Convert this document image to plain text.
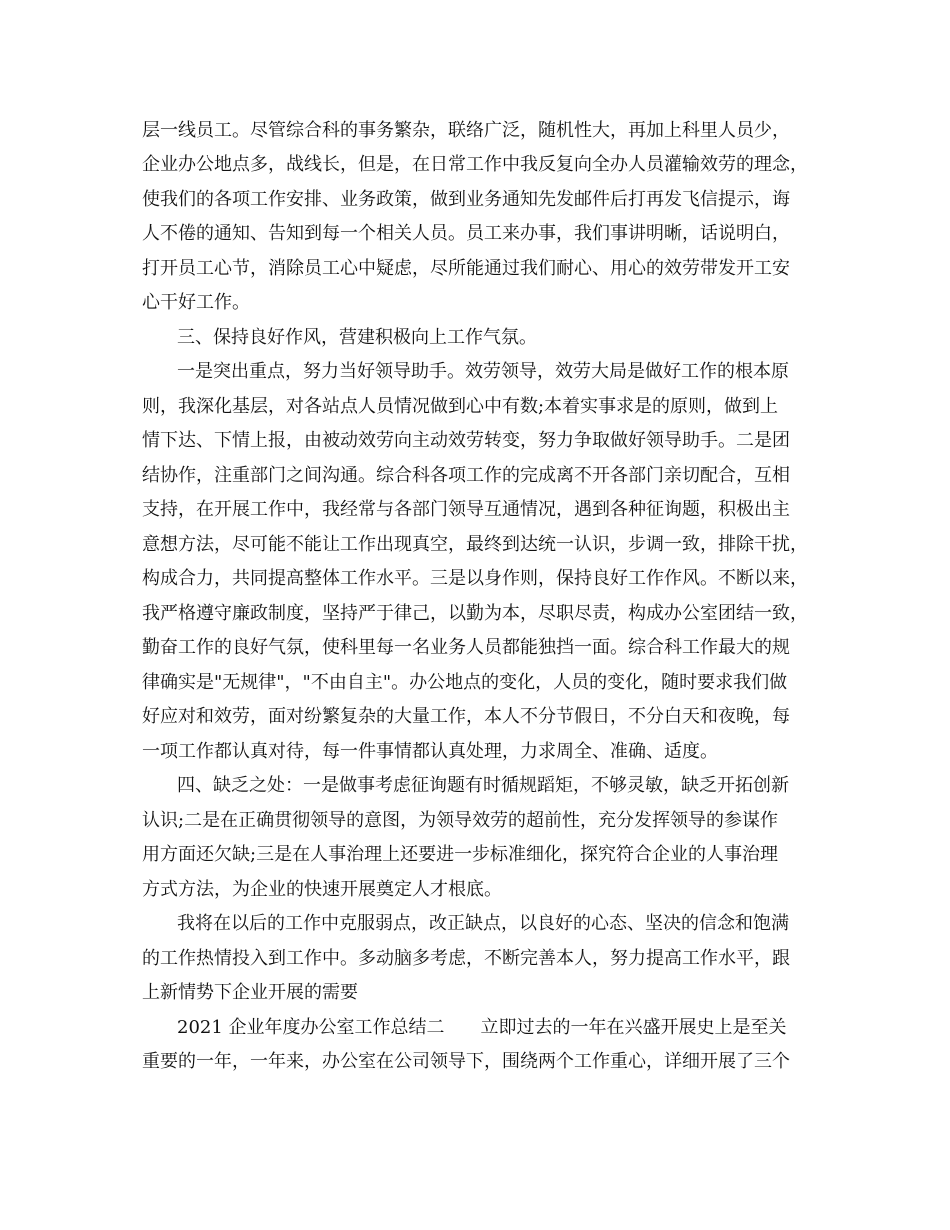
层一线员工。尽管综合科的事务繁杂，联络广泛，随机性大，再加上科里人员少，
企业办公地点多，战线长，但是，在日常工作中我反复向全办人员灌输效劳的理念，
使我们的各项工作安排、业务政策，做到业务通知先发邮件后打再发飞信提示，诲
人不倦的通知、告知到每一个相关人员。员工来办事，我们事讲明晰，话说明白，
打开员工心节，消除员工心中疑虑，尽所能通过我们耐心、用心的效劳带发开工安
心干好工作。
三、保持良好作风，营建积极向上工作气氛。
一是突出重点，努力当好领导助手。效劳领导，效劳大局是做好工作的根本原
则，我深化基层，对各站点人员情况做到心中有数;本着实事求是的原则，做到上
情下达、下情上报，由被动效劳向主动效劳转变，努力争取做好领导助手。二是团
结协作，注重部门之间沟通。综合科各项工作的完成离不开各部门亲切配合，互相
支持，在开展工作中，我经常与各部门领导互通情况，遇到各种征询题，积极出主
意想方法，尽可能不能让工作出现真空，最终到达统一认识，步调一致，排除干扰，
构成合力，共同提高整体工作水平。三是以身作则，保持良好工作作风。不断以来，
我严格遵守廉政制度，坚持严于律己，以勤为本，尽职尽责，构成办公室团结一致，
勤奋工作的良好气氛，使科里每一名业务人员都能独挡一面。综合科工作最大的规
律确实是"无规律"，"不由自主"。办公地点的变化，人员的变化，随时要求我们做
好应对和效劳，面对纷繁复杂的大量工作，本人不分节假日，不分白天和夜晚，每
一项工作都认真对待，每一件事情都认真处理，力求周全、准确、适度。
四、缺乏之处：一是做事考虑征询题有时循规蹈矩，不够灵敏，缺乏开拓创新
认识;二是在正确贯彻领导的意图，为领导效劳的超前性，充分发挥领导的参谋作
用方面还欠缺;三是在人事治理上还要进一步标准细化，探究符合企业的人事治理
方式方法，为企业的快速开展奠定人才根底。
我将在以后的工作中克服弱点，改正缺点，以良好的心态、坚决的信念和饱满
的工作热情投入到工作中。多动脑多考虑，不断完善本人，努力提高工作水平，跟
上新情势下企业开展的需要
2021 企业年度办公室工作总结二　　立即过去的一年在兴盛开展史上是至关
重要的一年，一年来，办公室在公司领导下，围绕两个工作重心，详细开展了三个
